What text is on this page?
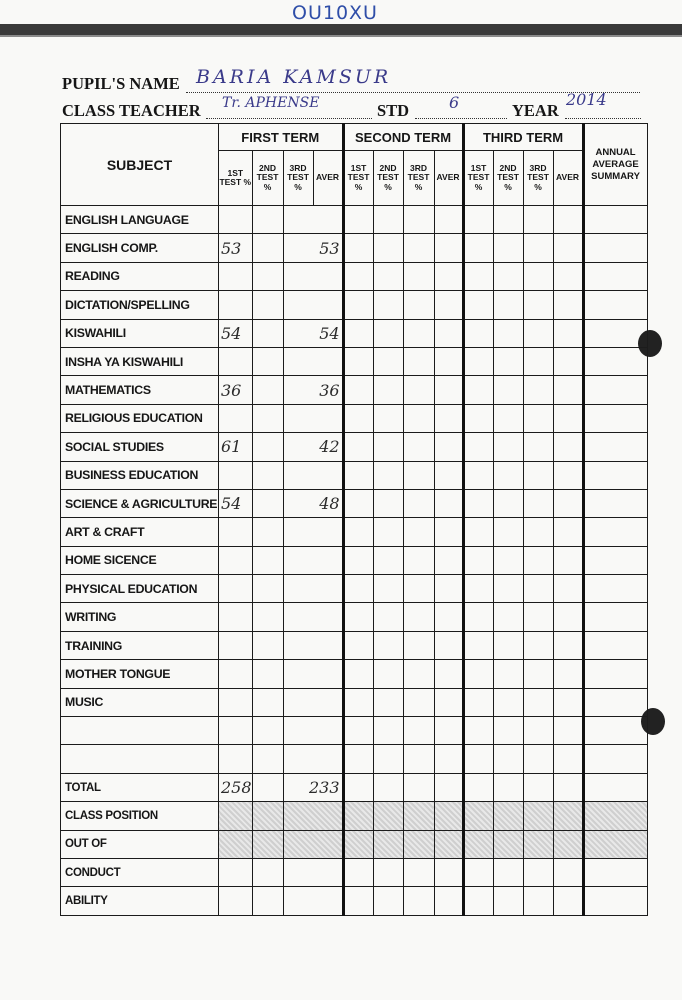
OU10XU
PUPIL'S NAME BARIA KAMSUR
CLASS TEACHER Tr. APHENSE	STD 6	YEAR
2014
SUBJECT	FIRST TERM				SECOND TERM				THIRD TERM				ANNUAL AVERAGE SUMMARY
	1ST TEST %	2ND TEST %	3RD TEST %	AVER	1ST TEST %	2ND TEST %	3RD TEST %	AVER	1ST TEST %	2ND TEST %	3RD TEST %	AVER	
ENGLISH LANGUAGE													
ENGLISH COMP.	53		53										
READING													
DICTATION/SPELLING													
KISWAHILI	54		54										
INSHA YA KISWAHILI													
MATHEMATICS	36		36										
RELIGIOUS EDUCATION													
SOCIAL STUDIES	61		42										
BUSINESS EDUCATION													
SCIENCE & AGRICULTURE	54		48										
ART & CRAFT													
HOME SICENCE													
PHYSICAL EDUCATION													
WRITING													
TRAINING													
MOTHER TONGUE													
MUSIC													

TOTAL	258		233										
CLASS POSITION													
OUT OF													
CONDUCT													
ABILITY													
